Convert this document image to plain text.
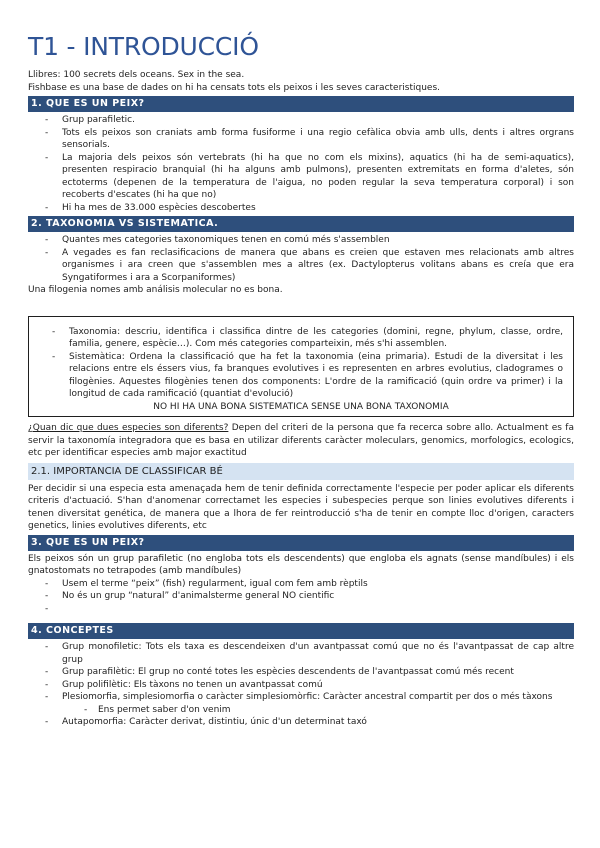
T1 - INTRODUCCIÓ

Llibres: 100 secrets dels oceans. Sex in the sea.

Fishbase es una base de dades on hi ha censats tots els peixos i les seves caracteristiques.

1. QUE ES UN PEIX?
- Grup parafiletic.
- Tots els peixos son craniats amb forma fusiforme i una regio cefàlica obvia amb ulls, dents i altres orgrans sensorials.
- La majoria dels peixos són vertebrats (hi ha que no com els mixins), aquatics (hi ha de semi-aquatics), presenten respiracio branquial (hi ha alguns amb pulmons), presenten extremitats en forma d'aletes, són ectoterms (depenen de la temperatura de l'aigua, no poden regular la seva temperatura corporal) i son recoberts d'escates (hi ha que no)
- Hi ha mes de 33.000 espècies descobertes
2. TAXONOMIA VS SISTEMATICA.
- Quantes mes categories taxonomiques tenen en comú més s'assemblen
- A vegades es fan reclasificacions de manera que abans es creien que estaven mes relacionats amb altres organismes i ara creen que s'assemblen mes a altres (ex. Dactylopterus volitans abans es creía que era Syngatiformes i ara a Scorpaniformes)

Una filogenia nomes amb análisis molecular no es bona.

- Taxonomia: descriu, identifica i classifica dintre de les categories (domini, regne, phylum, classe, ordre, familia, genere, espècie…). Com més categories comparteixin, més s'hi assemblen.
- Sistemàtica: Ordena la classificació que ha fet la taxonomia (eina primaria). Estudi de la diversitat i les relacions entre els éssers vius, fa branques evolutives i es representen en arbres evolutius, cladogrames o filogènies. Aquestes filogènies tenen dos components: L'ordre de la ramificació (quin ordre va primer) i la longitud de cada ramificació (quantiat d'evolució)
NO HI HA UNA BONA SISTEMATICA SENSE UNA BONA TAXONOMIA

¿Quan dic que dues especies son diferents? Depen del criteri de la persona que fa recerca sobre allo. Actualment es fa servir la taxonomía integradora que es basa en utilizar diferents caràcter moleculars, genomics, morfologics, ecologics, etc per identificar especies amb major exactitud

2.1. IMPORTANCIA DE CLASSIFICAR BÉ

Per decidir si una especia esta amenaçada hem de tenir definida correctamente l'especie per poder aplicar els diferents criteris d'actuació. S'han d'anomenar correctamet les especies i subespecies perque son linies evolutives diferents i tenen diversitat genética, de manera que a lhora de fer reintroducció s'ha de tenir en compte lloc d'origen, caracters genetics, linies evolutives diferents, etc

3. QUE ES UN PEIX?

Els peixos són un grup parafiletic (no engloba tots els descendents) que engloba els agnats (sense mandíbules) i els gnatostomats no tetrapodes (amb mandíbules)

- Usem el terme “peix” (fish) regularment, igual com fem amb rèptils
- No és un grup “natural” d'animalsterme general NO cientific
-
4. CONCEPTES
- Grup monofiletic: Tots els taxa es descendeixen d'un avantpassat comú que no és l'avantpassat de cap altre grup
- Grup parafilètic: El grup no conté totes les espècies descendents de l'avantpassat comú més recent
- Grup polifilètic: Els tàxons no tenen un avantpassat comú
- Plesiomorfia, simplesiomorfia o caràcter simplesiomòrfic: Caràcter ancestral compartit per dos o més tàxons
- Ens permet saber d'on venim
- Autapomorfia: Caràcter derivat, distintiu, únic d'un determinat taxó
